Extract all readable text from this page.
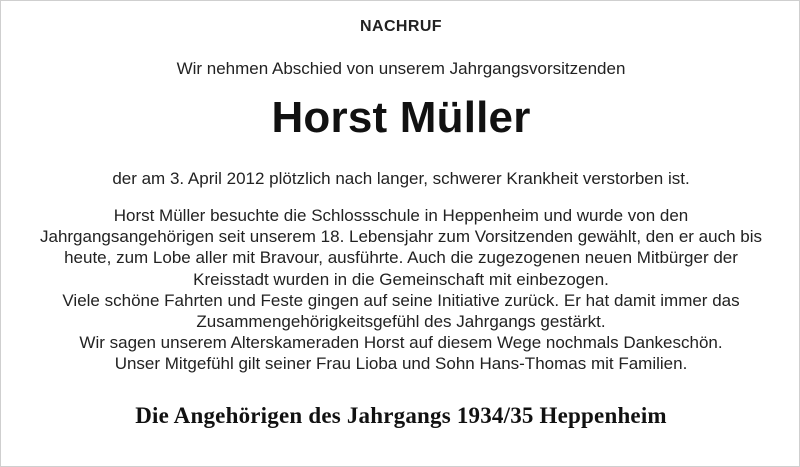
NACHRUF
Wir nehmen Abschied von unserem Jahrgangsvorsitzenden
Horst Müller
der am 3. April 2012 plötzlich nach langer, schwerer Krankheit verstorben ist.
Horst Müller besuchte die Schlossschule in Heppenheim und wurde von den
Jahrgangsangehörigen seit unserem 18. Lebensjahr zum Vorsitzenden gewählt, den er auch bis
heute, zum Lobe aller mit Bravour, ausführte. Auch die zugezogenen neuen Mitbürger der
Kreisstadt wurden in die Gemeinschaft mit einbezogen.
Viele schöne Fahrten und Feste gingen auf seine Initiative zurück. Er hat damit immer das
Zusammengehörigkeitsgefühl des Jahrgangs gestärkt.
Wir sagen unserem Alterskameraden Horst auf diesem Wege nochmals Dankeschön.
Unser Mitgefühl gilt seiner Frau Lioba und Sohn Hans-Thomas mit Familien.
Die Angehörigen des Jahrgangs 1934/35 Heppenheim
